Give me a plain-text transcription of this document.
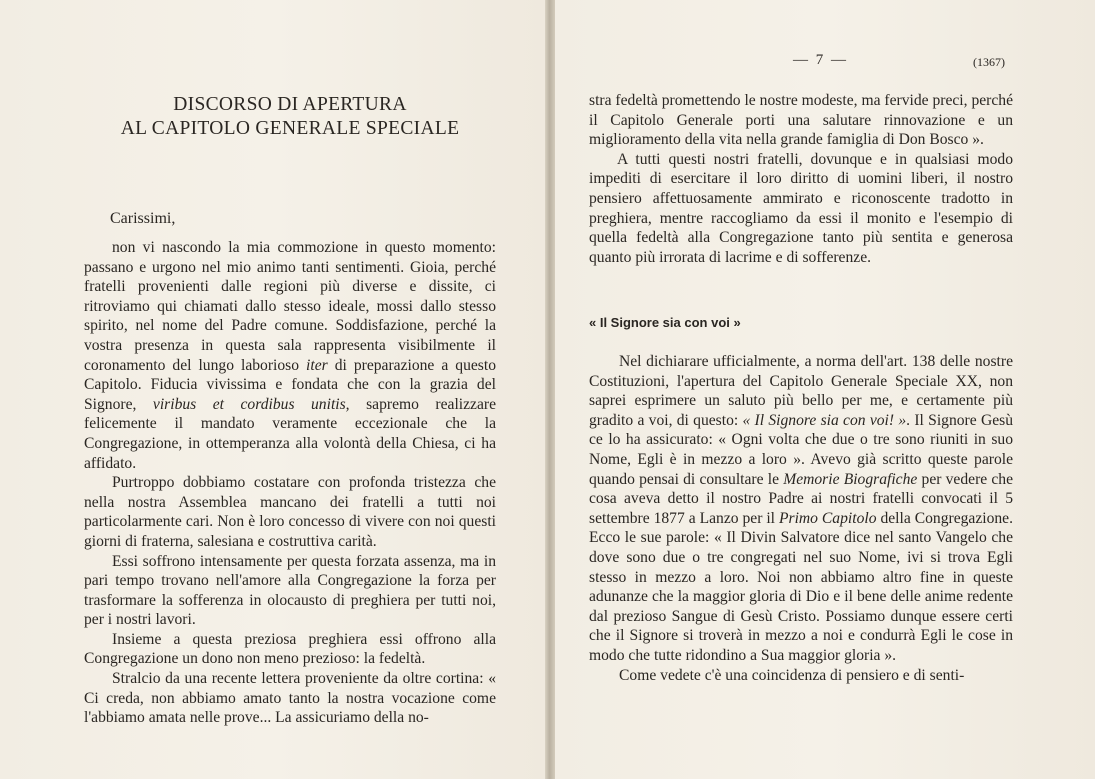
DISCORSO DI APERTURA
AL CAPITOLO GENERALE SPECIALE
Carissimi,

non vi nascondo la mia commozione in questo momento: passano e urgono nel mio animo tanti sentimenti. Gioia, perché fratelli provenienti dalle regioni più diverse e dissite, ci ritroviamo qui chiamati dallo stesso ideale, mossi dallo stesso spirito, nel nome del Padre comune. Soddisfazione, perché la vostra presenza in questa sala rappresenta visibilmente il coronamento del lungo laborioso iter di preparazione a questo Capitolo. Fiducia vivissima e fondata che con la grazia del Signore, viribus et cordibus unitis, sapremo realizzare felicemente il mandato veramente eccezionale che la Congregazione, in ottemperanza alla volontà della Chiesa, ci ha affidato.

Purtroppo dobbiamo costatare con profonda tristezza che nella nostra Assemblea mancano dei fratelli a tutti noi particolarmente cari. Non è loro concesso di vivere con noi questi giorni di fraterna, salesiana e costruttiva carità.

Essi soffrono intensamente per questa forzata assenza, ma in pari tempo trovano nell'amore alla Congregazione la forza per trasformare la sofferenza in olocausto di preghiera per tutti noi, per i nostri lavori.

Insieme a questa preziosa preghiera essi offrono alla Congregazione un dono non meno prezioso: la fedeltà.

Stralcio da una recente lettera proveniente da oltre cortina: « Ci creda, non abbiamo amato tanto la nostra vocazione come l'abbiamo amata nelle prove... La assicuriamo della no-

— 7 —	(1367)

stra fedeltà promettendo le nostre modeste, ma fervide preci, perché il Capitolo Generale porti una salutare rinnovazione e un miglioramento della vita nella grande famiglia di Don Bosco ».

A tutti questi nostri fratelli, dovunque e in qualsiasi modo impediti di esercitare il loro diritto di uomini liberi, il nostro pensiero affettuosamente ammirato e riconoscente tradotto in preghiera, mentre raccogliamo da essi il monito e l'esempio di quella fedeltà alla Congregazione tanto più sentita e generosa quanto più irrorata di lacrime e di sofferenze.

« Il Signore sia con voi »

Nel dichiarare ufficialmente, a norma dell'art. 138 delle nostre Costituzioni, l'apertura del Capitolo Generale Speciale XX, non saprei esprimere un saluto più bello per me, e certamente più gradito a voi, di questo: « Il Signore sia con voi! ». Il Signore Gesù ce lo ha assicurato: « Ogni volta che due o tre sono riuniti in suo Nome, Egli è in mezzo a loro ». Avevo già scritto queste parole quando pensai di consultare le Memorie Biografiche per vedere che cosa aveva detto il nostro Padre ai nostri fratelli convocati il 5 settembre 1877 a Lanzo per il Primo Capitolo della Congregazione. Ecco le sue parole: « Il Divin Salvatore dice nel santo Vangelo che dove sono due o tre congregati nel suo Nome, ivi si trova Egli stesso in mezzo a loro. Noi non abbiamo altro fine in queste adunanze che la maggior gloria di Dio e il bene delle anime redente dal prezioso Sangue di Gesù Cristo. Possiamo dunque essere certi che il Signore si troverà in mezzo a noi e condurrà Egli le cose in modo che tutte ridondino a Sua maggior gloria ».

Come vedete c'è una coincidenza di pensiero e di senti-
